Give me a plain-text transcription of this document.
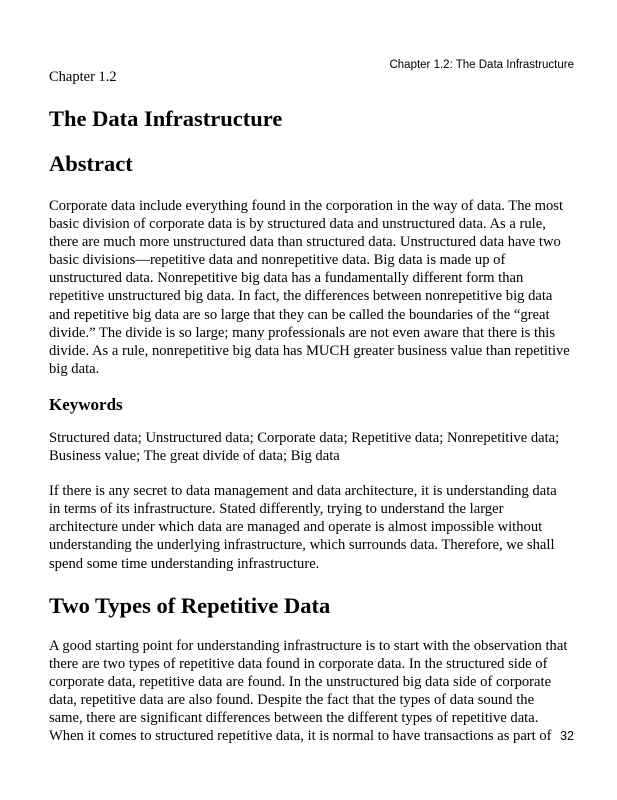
Chapter 1.2: The Data Infrastructure

Chapter 1.2

The Data Infrastructure
Abstract
Corporate data include everything found in the corporation in the way of data. The most
basic division of corporate data is by structured data and unstructured data. As a rule,
there are much more unstructured data than structured data. Unstructured data have two
basic divisions—repetitive data and nonrepetitive data. Big data is made up of
unstructured data. Nonrepetitive big data has a fundamentally different form than
repetitive unstructured big data. In fact, the differences between nonrepetitive big data
and repetitive big data are so large that they can be called the boundaries of the “great
divide.” The divide is so large; many professionals are not even aware that there is this
divide. As a rule, nonrepetitive big data has MUCH greater business value than repetitive
big data.
Keywords
Structured data; Unstructured data; Corporate data; Repetitive data; Nonrepetitive data;
Business value; The great divide of data; Big data
If there is any secret to data management and data architecture, it is understanding data
in terms of its infrastructure. Stated differently, trying to understand the larger
architecture under which data are managed and operate is almost impossible without
understanding the underlying infrastructure, which surrounds data. Therefore, we shall
spend some time understanding infrastructure.
Two Types of Repetitive Data
A good starting point for understanding infrastructure is to start with the observation that
there are two types of repetitive data found in corporate data. In the structured side of
corporate data, repetitive data are found. In the unstructured big data side of corporate
data, repetitive data are also found. Despite the fact that the types of data sound the
same, there are significant differences between the different types of repetitive data.
When it comes to structured repetitive data, it is normal to have transactions as part of 32
